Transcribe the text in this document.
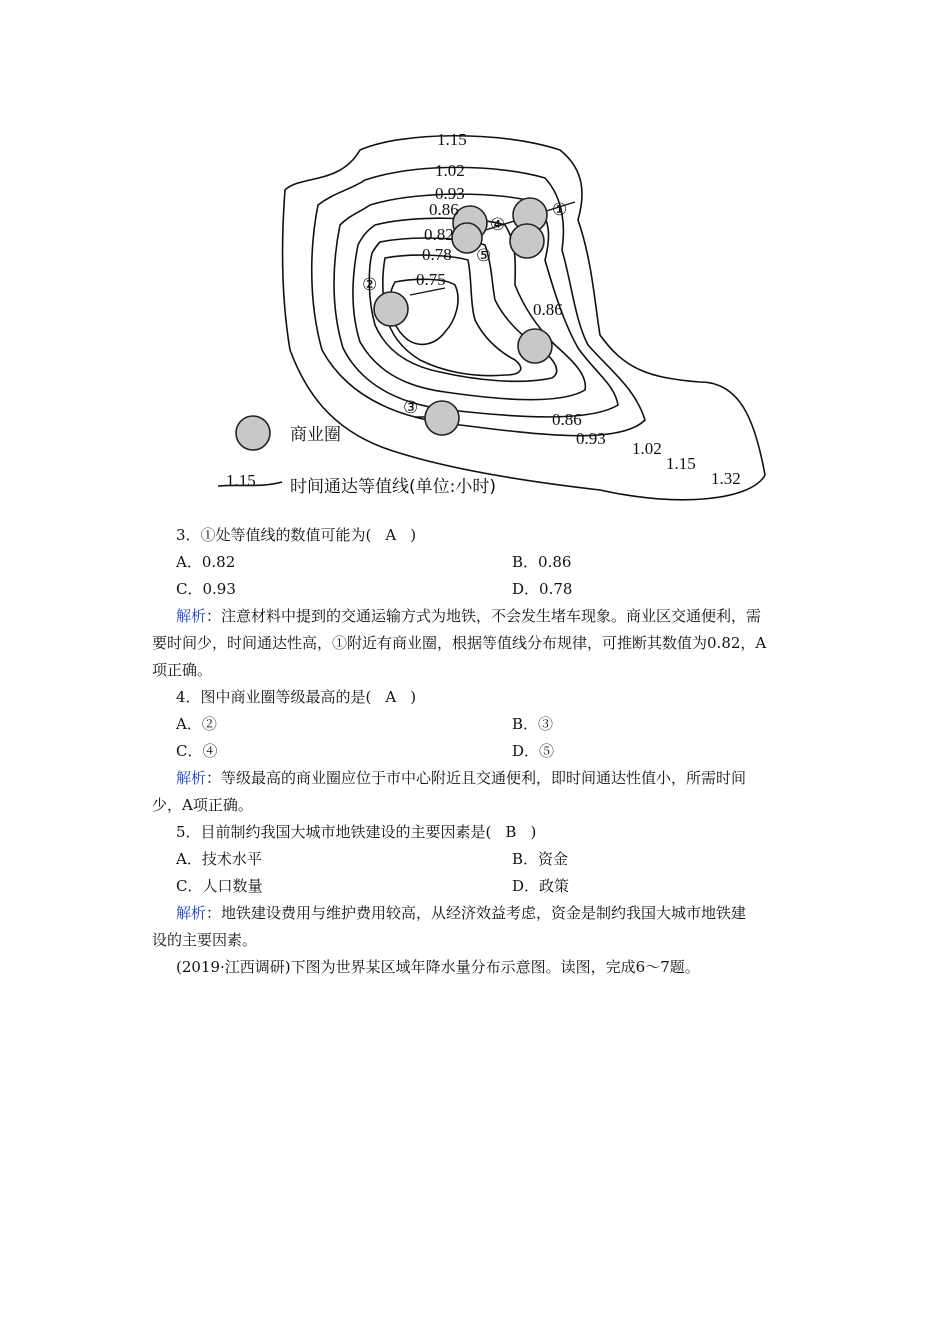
1.15
1.02
0.93
0.86
0.82
0.78
0.75
0.86
0.86
0.93
1.02
1.15
1.32
①
②
③
④
⑤
商业圈
1.15 时间通达等值线(单位:小时)
3．①处等值线的数值可能为( A )
A．0.82	B．0.86
C．0.93	D．0.78
解析：注意材料中提到的交通运输方式为地铁，不会发生堵车现象。商业区交通便利，需
要时间少，时间通达性高，①附近有商业圈，根据等值线分布规律，可推断其数值为0.82，A
项正确。
4．图中商业圈等级最高的是( A )
A．②	B．③
C．④	D．⑤
解析：等级最高的商业圈应位于市中心附近且交通便利，即时间通达性值小，所需时间
少，A项正确。
5．目前制约我国大城市地铁建设的主要因素是( B )
A．技术水平	B．资金
C．人口数量	D．政策
解析：地铁建设费用与维护费用较高，从经济效益考虑，资金是制约我国大城市地铁建
设的主要因素。
(2019·江西调研)下图为世界某区域年降水量分布示意图。读图，完成6～7题。
